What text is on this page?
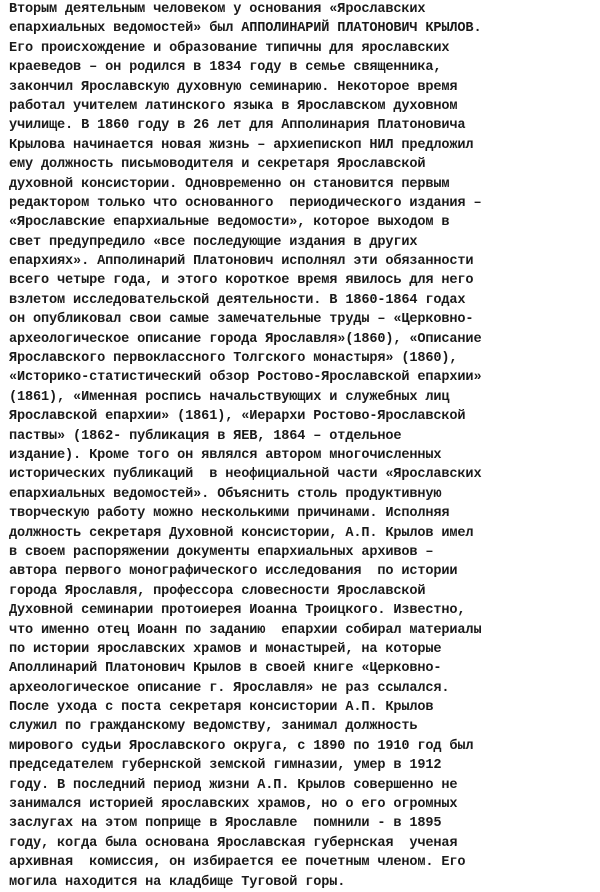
Вторым деятельным человеком у основания «Ярославских
епархиальных ведомостей» был АППОЛИНАРИЙ ПЛАТОНОВИЧ КРЫЛОВ.
Его происхождение и образование типичны для ярославских
краеведов – он родился в 1834 году в семье священника,
закончил Ярославскую духовную семинарию. Некоторое время
работал учителем латинского языка в Ярославском духовном
училище. В 1860 году в 26 лет для Апполинария Платоновича
Крылова начинается новая жизнь – архиепископ НИЛ предложил
ему должность письмоводителя и секретаря Ярославской
духовной консистории. Одновременно он становится первым
редактором только что основанного  периодического издания –
«Ярославские епархиальные ведомости», которое выходом в
свет предупредило «все последующие издания в других
епархиях». Апполинарий Платонович исполнял эти обязанности
всего четыре года, и этого короткое время явилось для него
взлетом исследовательской деятельности. В 1860-1864 годах
он опубликовал свои самые замечательные труды – «Церковно-
археологическое описание города Ярославля»(1860), «Описание
Ярославского первоклассного Толгского монастыря» (1860),
«Историко-статистический обзор Ростово-Ярославской епархии»
(1861), «Именная роспись начальствующих и служебных лиц
Ярославской епархии» (1861), «Иерархи Ростово-Ярославской
паствы» (1862- публикация в ЯЕВ, 1864 – отдельное
издание). Кроме того он являлся автором многочисленных
исторических публикаций  в неофициальной части «Ярославских
епархиальных ведомостей». Объяснить столь продуктивную
творческую работу можно несколькими причинами. Исполняя
должность секретаря Духовной консистории, А.П. Крылов имел
в своем распоряжении документы епархиальных архивов –
автора первого монографического исследования  по истории
города Ярославля, профессора словесности Ярославской
Духовной семинарии протоиерея Иоанна Троицкого. Известно,
что именно отец Иоанн по заданию  епархии собирал материалы
по истории ярославских храмов и монастырей, на которые
Аполлинарий Платонович Крылов в своей книге «Церковно-
археологическое описание г. Ярославля» не раз ссылался.
После ухода с поста секретаря консистории А.П. Крылов
служил по гражданскому ведомству, занимал должность
мирового судьи Ярославского округа, с 1890 по 1910 год был
председателем губернской земской гимназии, умер в 1912
году. В последний период жизни А.П. Крылов совершенно не
занимался историей ярославских храмов, но о его огромных
заслугах на этом поприще в Ярославле  помнили - в 1895
году, когда была основана Ярославская губернская  ученая
архивная  комиссия, он избирается ее почетным членом. Его
могила находится на кладбище Туговой горы.
